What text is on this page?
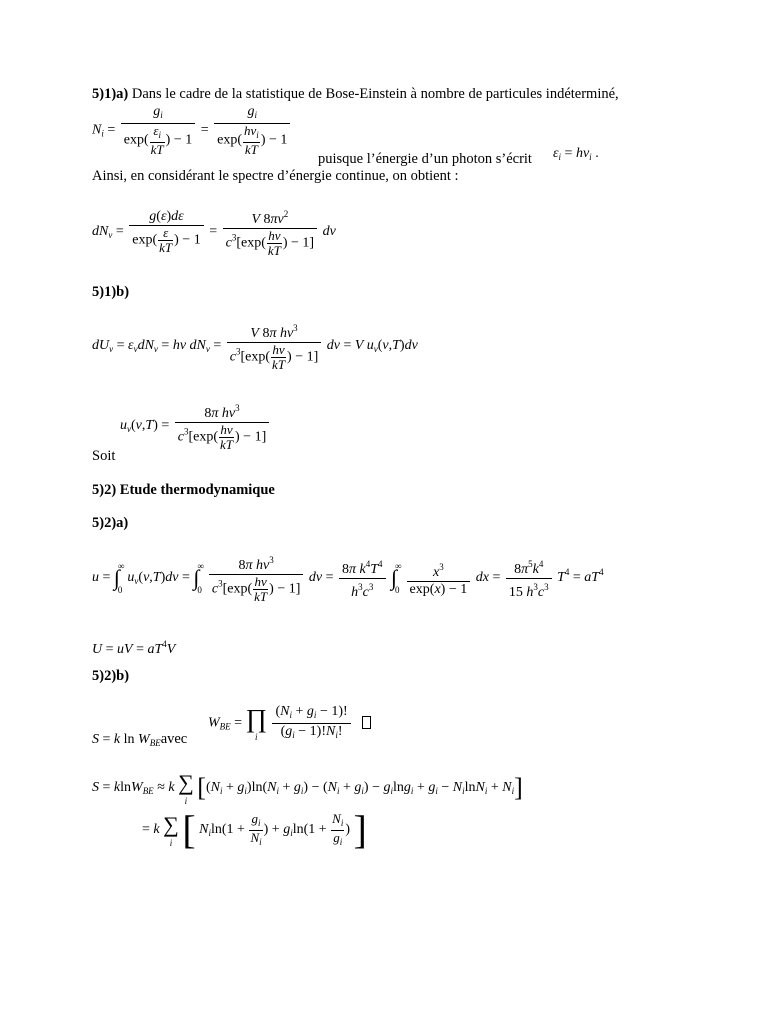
5)1)a) Dans le cadre de la statistique de Bose-Einstein à nombre de particules indéterminé,
$N_i = \frac{g_i}{\exp( \frac{\varepsilon_i}{kT} ) - 1} = \frac{g_i}{\exp( \frac{h\nu_i}{kT} ) - 1}$
puisque l’énergie d’un photon s’écrit $\varepsilon_i = h\nu_i$ .
Ainsi, en considérant le spectre d’énergie continue, on obtient :
$dN_\nu = \frac{g(\varepsilon)d\varepsilon}{\exp( \frac{\varepsilon}{kT} ) - 1} = \frac{V 8\pi\nu^2}{c^3[\exp( \frac{h\nu}{kT} ) - 1]}$ dν
5)1)b)
$dU_\nu = \varepsilon_\nu dN_\nu = h\nu$ $dN_\nu = \frac{V 8\pi h\nu^3}{c^3[\exp( \frac{h\nu}{kT} ) - 1]}$ dν = V $u_\nu(\nu,T)d\nu$
$u_\nu(\nu,T) = \frac{8\pi h\nu^3}{c^3[\exp( \frac{h\nu}{kT} ) - 1]}$
Soit
5)2) Etude thermodynamique
5)2)a)
u = ∫
∞
0
$u_\nu(\nu,T)d\nu$ = ∫
∞
0
$\frac{8\pi h\nu^3}{c^3[\exp( \frac{h\nu}{kT} ) - 1]}$ $d\nu = \frac{8\pi k^4T^4}{h^3c^3}$ ∫
∞
0
$\frac{x^3}{\exp(x) - 1}$ dx = $\frac{8\pi^5k^4}{15 h^3c^3} T^4 = aT^4$
U = uV = $aT^4V$
5)2)b)
S = k $\ln W_{BE}avec$
$W_{BE}$ = ∏
i
	$\frac{(N_i + g_i - 1)!}{(g_i - 1)!N_i!}$

S = klnW$_{BE}$ ≈ k ∑
i $[(N_i + g_i)\ln(N_i + g_i) - (N_i + g_i) - g_i\ln g_i + g_i - N_i\ln N_i + N_i]$
= k ∑
i [ $N_i\ln(1 + \frac{g_i}{N_i}$ ) + $g_i\ln(1 + \frac{N_i}{g_i}$ ) ]
